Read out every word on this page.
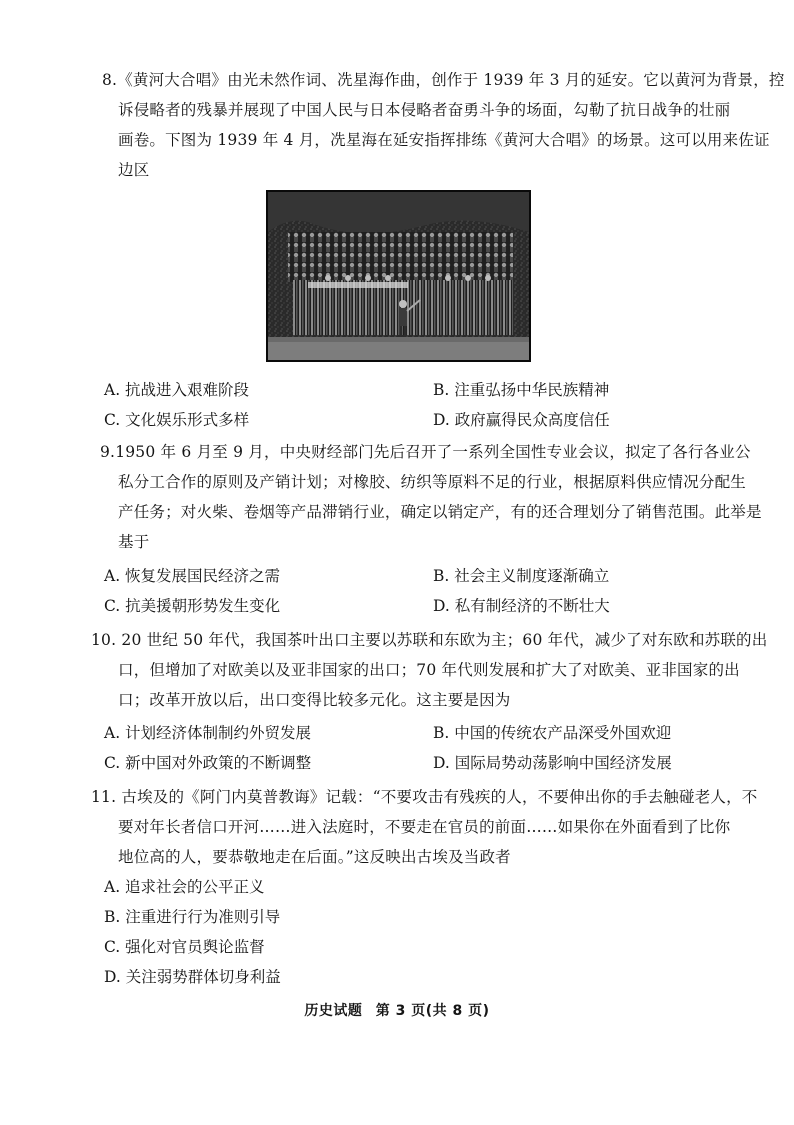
8.《黄河大合唱》由光未然作词、冼星海作曲，创作于 1939 年 3 月的延安。它以黄河为背景，控
诉侵略者的残暴并展现了中国人民与日本侵略者奋勇斗争的场面，勾勒了抗日战争的壮丽
画卷。下图为 1939 年 4 月，冼星海在延安指挥排练《黄河大合唱》的场景。这可以用来佐证
边区
A. 抗战进入艰难阶段	B. 注重弘扬中华民族精神
C. 文化娱乐形式多样	D. 政府赢得民众高度信任
9.1950 年 6 月至 9 月，中央财经部门先后召开了一系列全国性专业会议，拟定了各行各业公
私分工合作的原则及产销计划；对橡胶、纺织等原料不足的行业，根据原料供应情况分配生
产任务；对火柴、卷烟等产品滞销行业，确定以销定产，有的还合理划分了销售范围。此举是
基于
A. 恢复发展国民经济之需	B. 社会主义制度逐渐确立
C. 抗美援朝形势发生变化	D. 私有制经济的不断壮大
10. 20 世纪 50 年代，我国茶叶出口主要以苏联和东欧为主；60 年代，减少了对东欧和苏联的出
口，但增加了对欧美以及亚非国家的出口；70 年代则发展和扩大了对欧美、亚非国家的出
口；改革开放以后，出口变得比较多元化。这主要是因为
A. 计划经济体制制约外贸发展	B. 中国的传统农产品深受外国欢迎
C. 新中国对外政策的不断调整	D. 国际局势动荡影响中国经济发展
11. 古埃及的《阿门内莫普教诲》记载：“不要攻击有残疾的人，不要伸出你的手去触碰老人，不
要对年长者信口开河……进入法庭时，不要走在官员的前面……如果你在外面看到了比你
地位高的人，要恭敬地走在后面。”这反映出古埃及当政者
A. 追求社会的公平正义
B. 注重进行行为准则引导
C. 强化对官员舆论监督
D. 关注弱势群体切身利益
历史试题 第 3 页(共 8 页)
